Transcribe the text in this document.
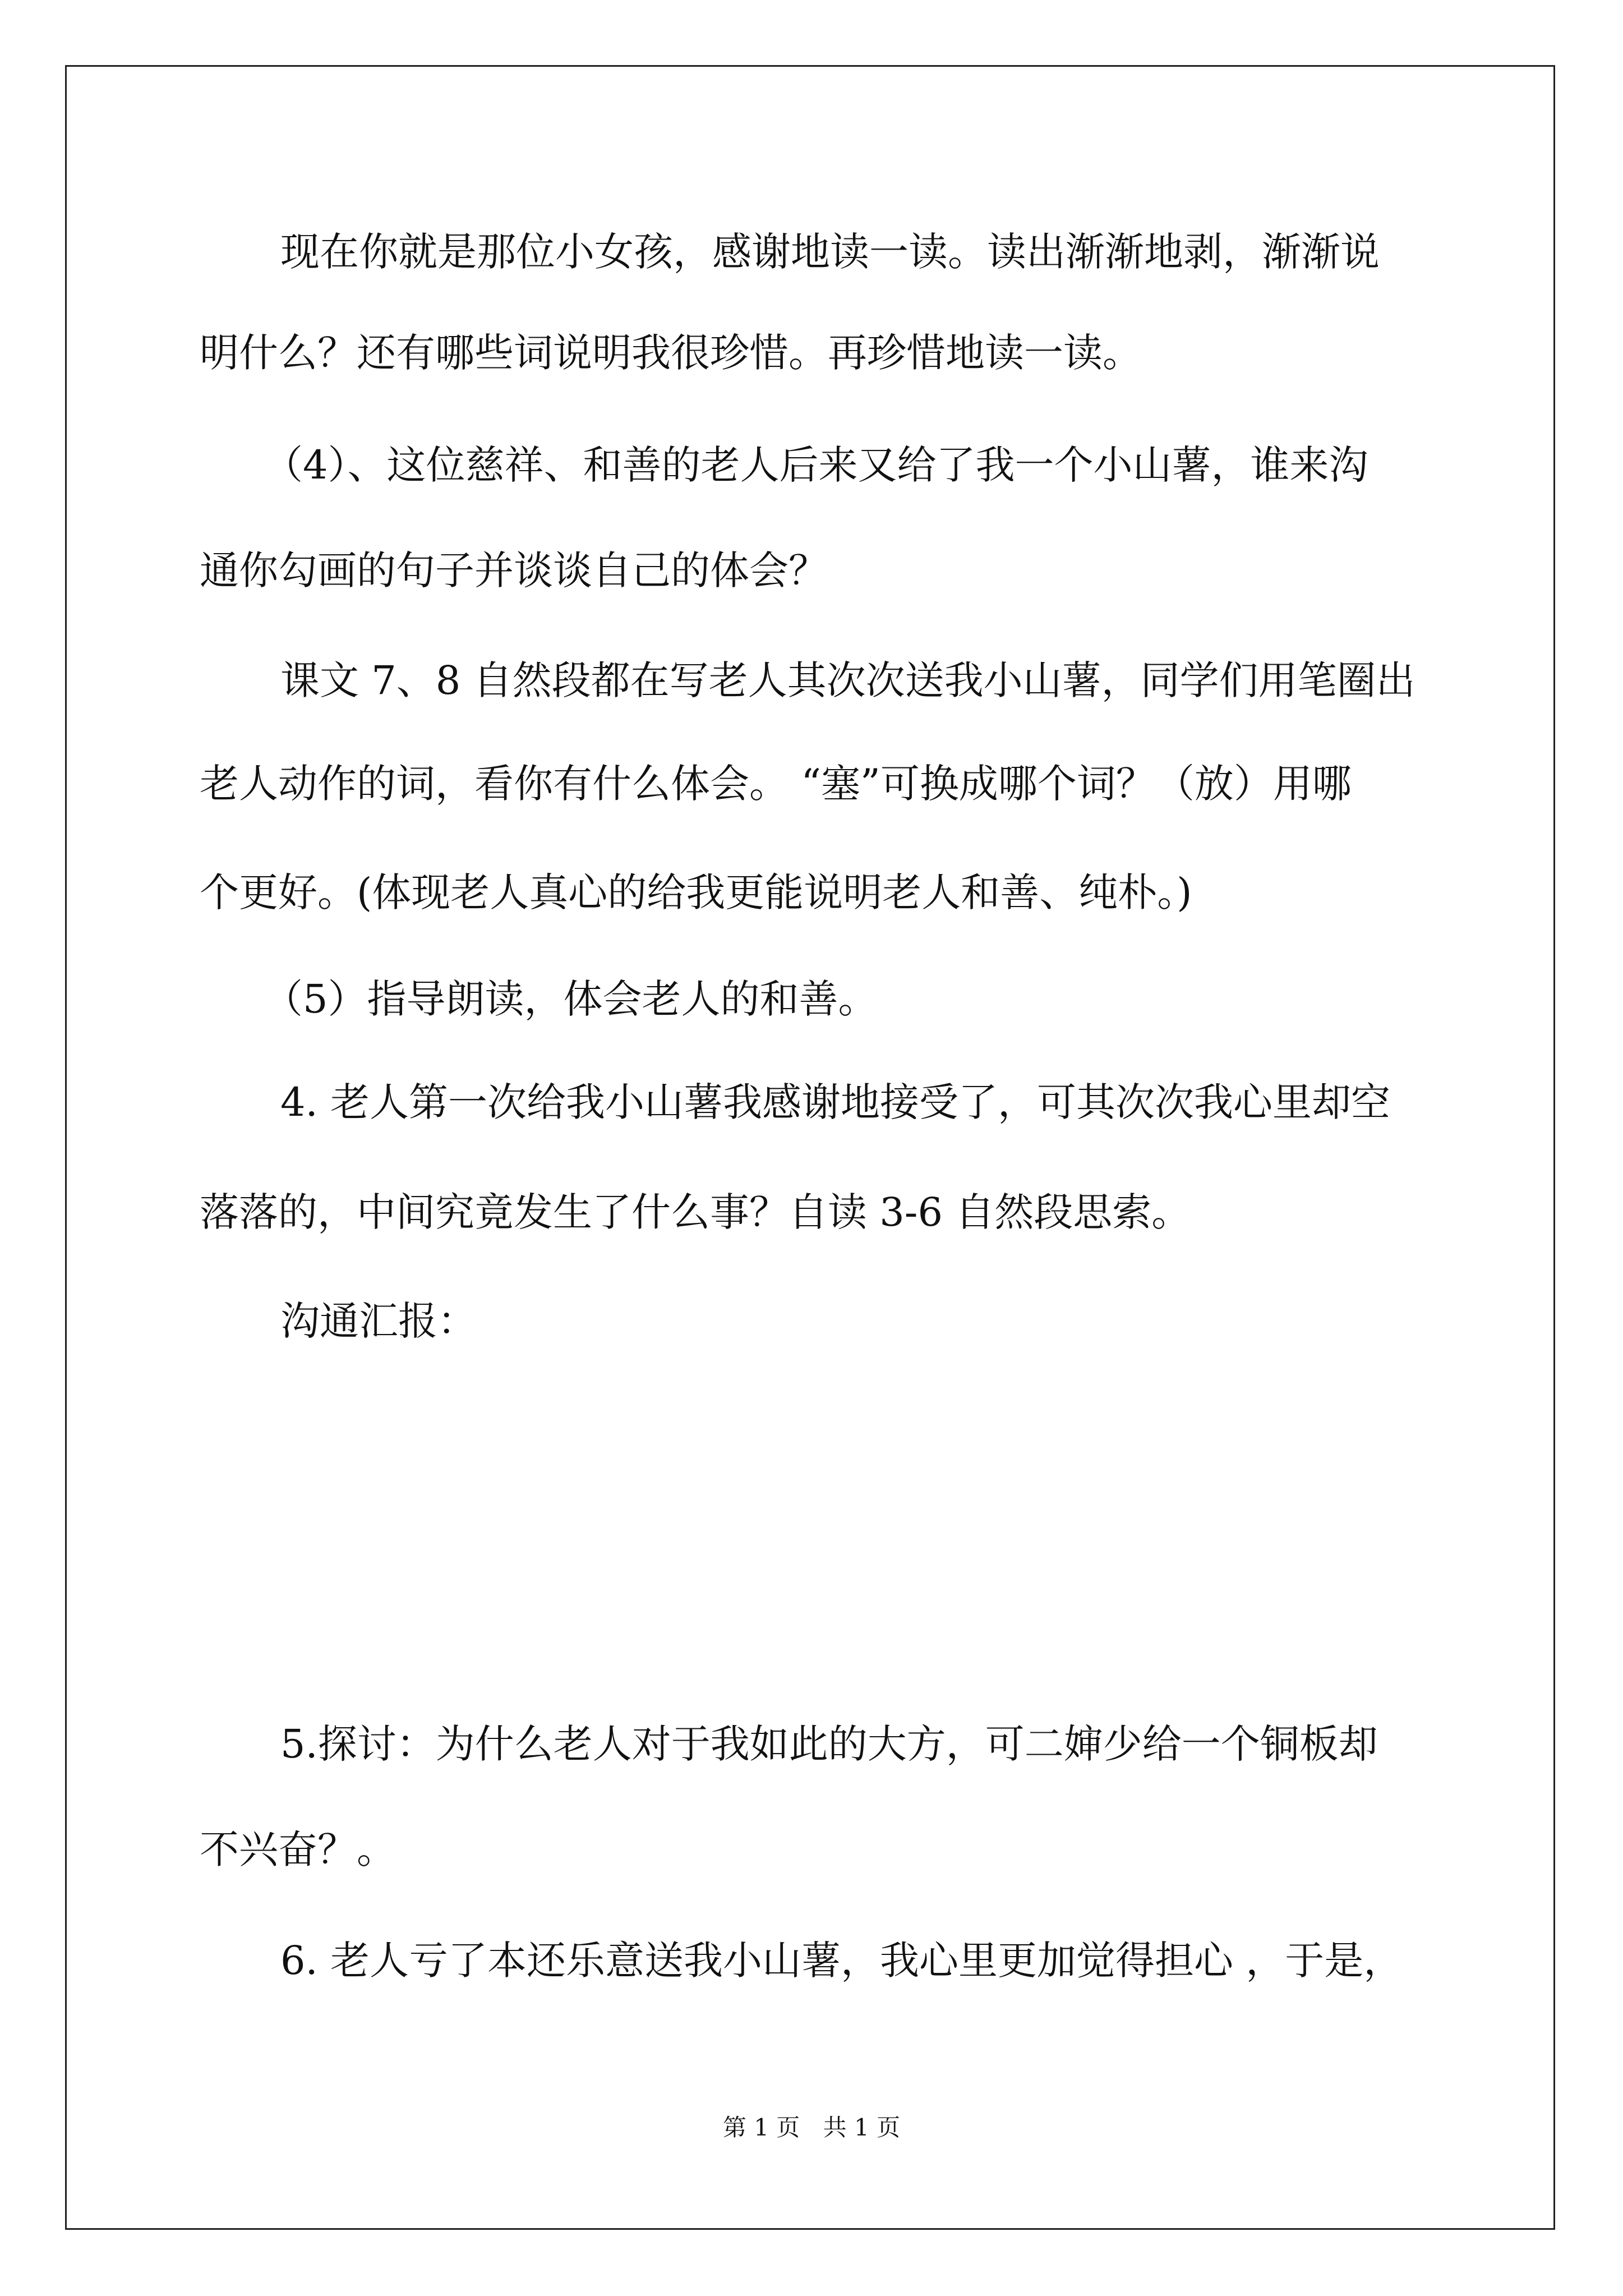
现在你就是那位小女孩，感谢地读一读。读出渐渐地剥，渐渐说
明什么？还有哪些词说明我很珍惜。再珍惜地读一读。
（4）、这位慈祥、和善的老人后来又给了我一个小山薯，谁来沟
通你勾画的句子并谈谈自己的体会？
课文 7、8 自然段都在写老人其次次送我小山薯，同学们用笔圈出
老人动作的词，看你有什么体会。 “塞”可换成哪个词？（放）用哪
个更好。(体现老人真心的给我更能说明老人和善、纯朴。)
（5）指导朗读，体会老人的和善。
4. 老人第一次给我小山薯我感谢地接受了，可其次次我心里却空
落落的，中间究竟发生了什么事？自读 3-6 自然段思索。
沟通汇报：
5.探讨：为什么老人对于我如此的大方，可二婶少给一个铜板却
不兴奋？。
6. 老人亏了本还乐意送我小山薯，我心里更加觉得担心 ，于是，
第 1 页 共 1 页
